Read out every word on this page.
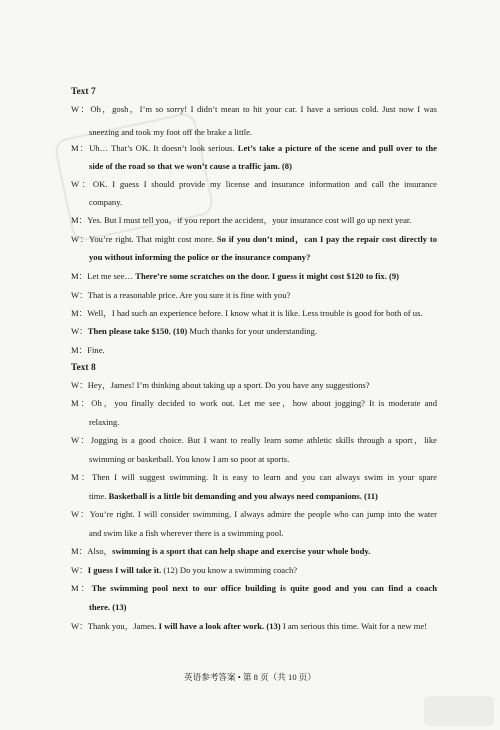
Text 7
W：Oh，gosh，I’m so sorry! I didn’t mean to hit your car. I have a serious cold. Just now I was
sneezing and took my foot off the brake a little.
M：Uh… That’s OK. It doesn’t look serious. Let’s take a picture of the scene and pull over to the
side of the road so that we won’t cause a traffic jam. (8)
W：OK. I guess I should provide my license and insurance information and call the insurance
company.
M：Yes. But I must tell you，if you report the accident，your insurance cost will go up next year.
W：You’re right. That might cost more. So if you don’t mind，can I pay the repair cost directly to
you without informing the police or the insurance company?
M：Let me see… There’re some scratches on the door. I guess it might cost $120 to fix. (9)
W：That is a reasonable price. Are you sure it is fine with you?
M：Well，I had such an experience before. I know what it is like. Less trouble is good for both of us.
W：Then please take $150. (10) Much thanks for your understanding.
M：Fine.
Text 8
W：Hey，James! I’m thinking about taking up a sport. Do you have any suggestions?
M：Oh，you finally decided to work out. Let me see，how about jogging? It is moderate and
relaxing.
W：Jogging is a good choice. But I want to really learn some athletic skills through a sport，like
swimming or basketball. You know I am so poor at sports.
M：Then I will suggest swimming. It is easy to learn and you can always swim in your spare
time. Basketball is a little bit demanding and you always need companions. (11)
W：You’re right. I will consider swimming. I always admire the people who can jump into the water
and swim like a fish wherever there is a swimming pool.
M：Also，swimming is a sport that can help shape and exercise your whole body.
W：I guess I will take it. (12) Do you know a swimming coach?
M：The swimming pool next to our office building is quite good and you can find a coach
there. (13)
W：Thank you，James. I will have a look after work. (13) I am serious this time. Wait for a new me!
英语参考答案 • 第 8 页（共 10 页）
